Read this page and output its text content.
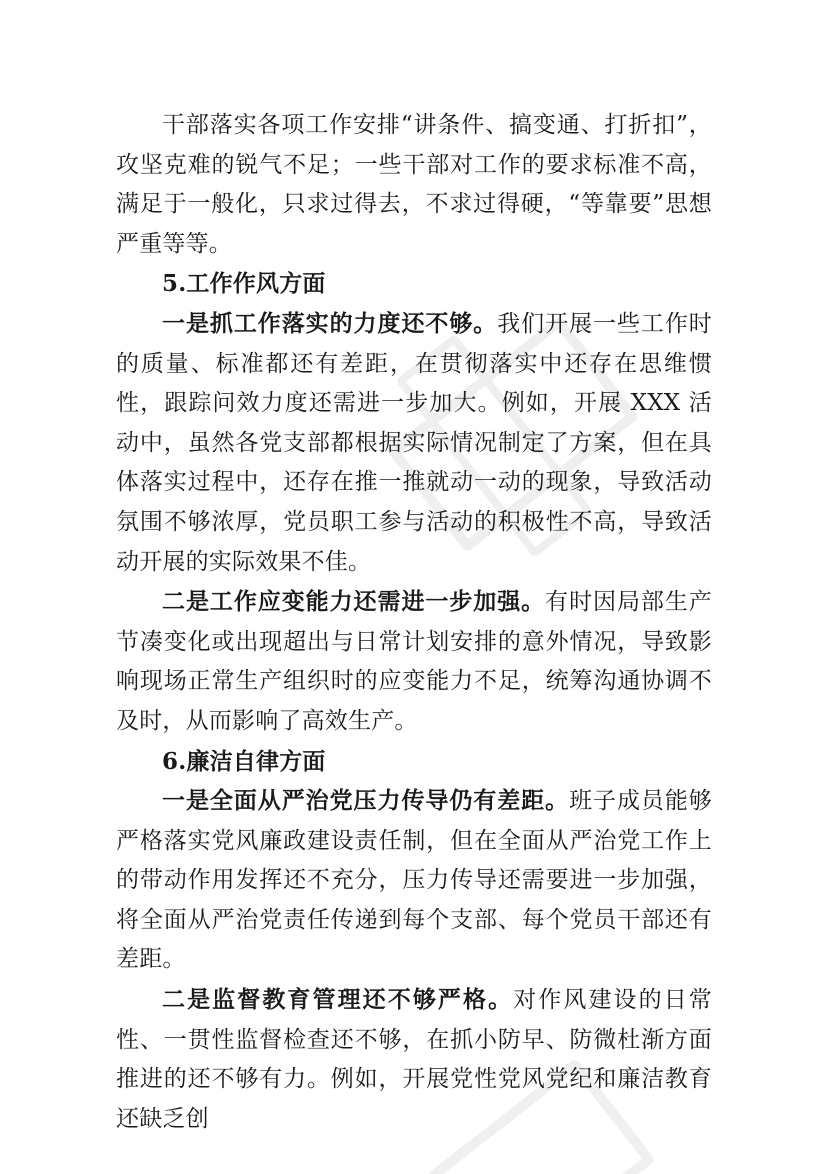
干部落实各项工作安排“讲条件、搞变通、打折扣”，攻坚克难的锐气不足；一些干部对工作的要求标准不高，满足于一般化，只求过得去，不求过得硬，“等靠要”思想严重等等。

5.工作作风方面

一是抓工作落实的力度还不够。我们开展一些工作时的质量、标准都还有差距，在贯彻落实中还存在思维惯性，跟踪问效力度还需进一步加大。例如，开展 XXX 活动中，虽然各党支部都根据实际情况制定了方案，但在具体落实过程中，还存在推一推就动一动的现象，导致活动氛围不够浓厚，党员职工参与活动的积极性不高，导致活动开展的实际效果不佳。

二是工作应变能力还需进一步加强。有时因局部生产节凑变化或出现超出与日常计划安排的意外情况，导致影响现场正常生产组织时的应变能力不足，统筹沟通协调不及时，从而影响了高效生产。

6.廉洁自律方面

一是全面从严治党压力传导仍有差距。班子成员能够严格落实党风廉政建设责任制，但在全面从严治党工作上的带动作用发挥还不充分，压力传导还需要进一步加强，将全面从严治党责任传递到每个支部、每个党员干部还有差距。

二是监督教育管理还不够严格。对作风建设的日常性、一贯性监督检查还不够，在抓小防早、防微杜渐方面推进的还不够有力。例如，开展党性党风党纪和廉洁教育还缺乏创
